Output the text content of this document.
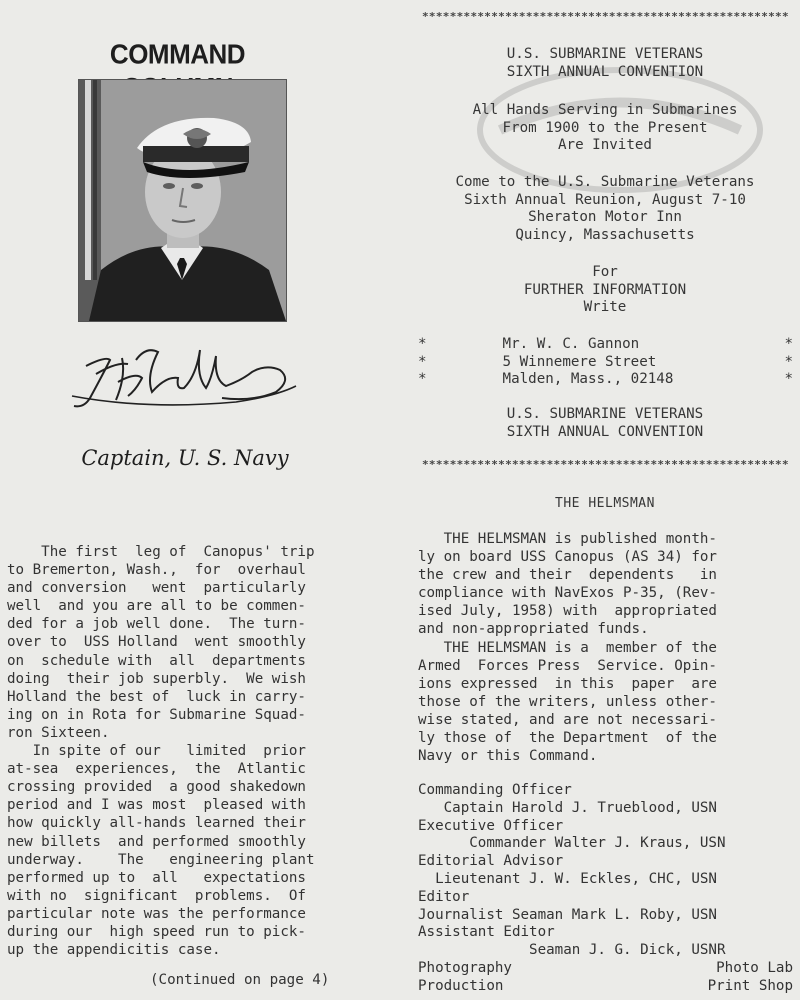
COMMAND
Captain, U. S. Navy
The first  leg of  Canopus' trip
to Bremerton, Wash.,  for  overhaul
and conversion   went  particularly
well  and you are all to be commen-
ded for a job well done.  The turn-
over to  USS Holland  went smoothly
on  schedule with  all  departments
doing  their job superbly.  We wish
Holland the best of  luck in carry-
ing on in Rota for Submarine Squad-
ron Sixteen.
In spite of our   limited  prior
at-sea  experiences,  the  Atlantic
crossing provided  a good shakedown
period and I was most  pleased with
how quickly all-hands learned their
new billets  and performed smoothly
underway.    The   engineering plant
performed up to  all   expectations
with no  significant  problems.  Of
particular note was the performance
during our  high speed run to pick-
up the appendicitis case.
(Continued on page 4)
*****************************************************
U.S. SUBMARINE VETERANS
SIXTH ANNUAL CONVENTION
All Hands Serving in Submarines
From 1900 to the Present
Are Invited
Come to the U.S. Submarine Veterans
Sixth Annual Reunion, August 7-10
Sheraton Motor Inn
Quincy, Massachusetts
For
FURTHER INFORMATION
Write
*	Mr. W. C. Gannon	*
*	5 Winnemere Street	*
*	Malden, Mass., 02148	*
U.S. SUBMARINE VETERANS
SIXTH ANNUAL CONVENTION
*****************************************************
THE HELMSMAN
THE HELMSMAN is published month-
ly on board USS Canopus (AS 34) for
the crew and their  dependents   in
compliance with NavExos P-35, (Rev-
ised July, 1958) with  appropriated
and non-appropriated funds.
THE HELMSMAN is a  member of the
Armed  Forces Press  Service. Opin-
ions expressed  in this  paper  are
those of the writers, unless other-
wise stated, and are not necessari-
ly those of  the Department  of the
Navy or this Command.
Commanding Officer
Captain Harold J. Trueblood, USN
Executive Officer
Commander Walter J. Kraus, USN
Editorial Advisor
Lieutenant J. W. Eckles, CHC, USN
Editor
Journalist Seaman Mark L. Roby, USN
Assistant Editor
Seaman J. G. Dick, USNR
Photography	Photo Lab
Production	Print Shop
